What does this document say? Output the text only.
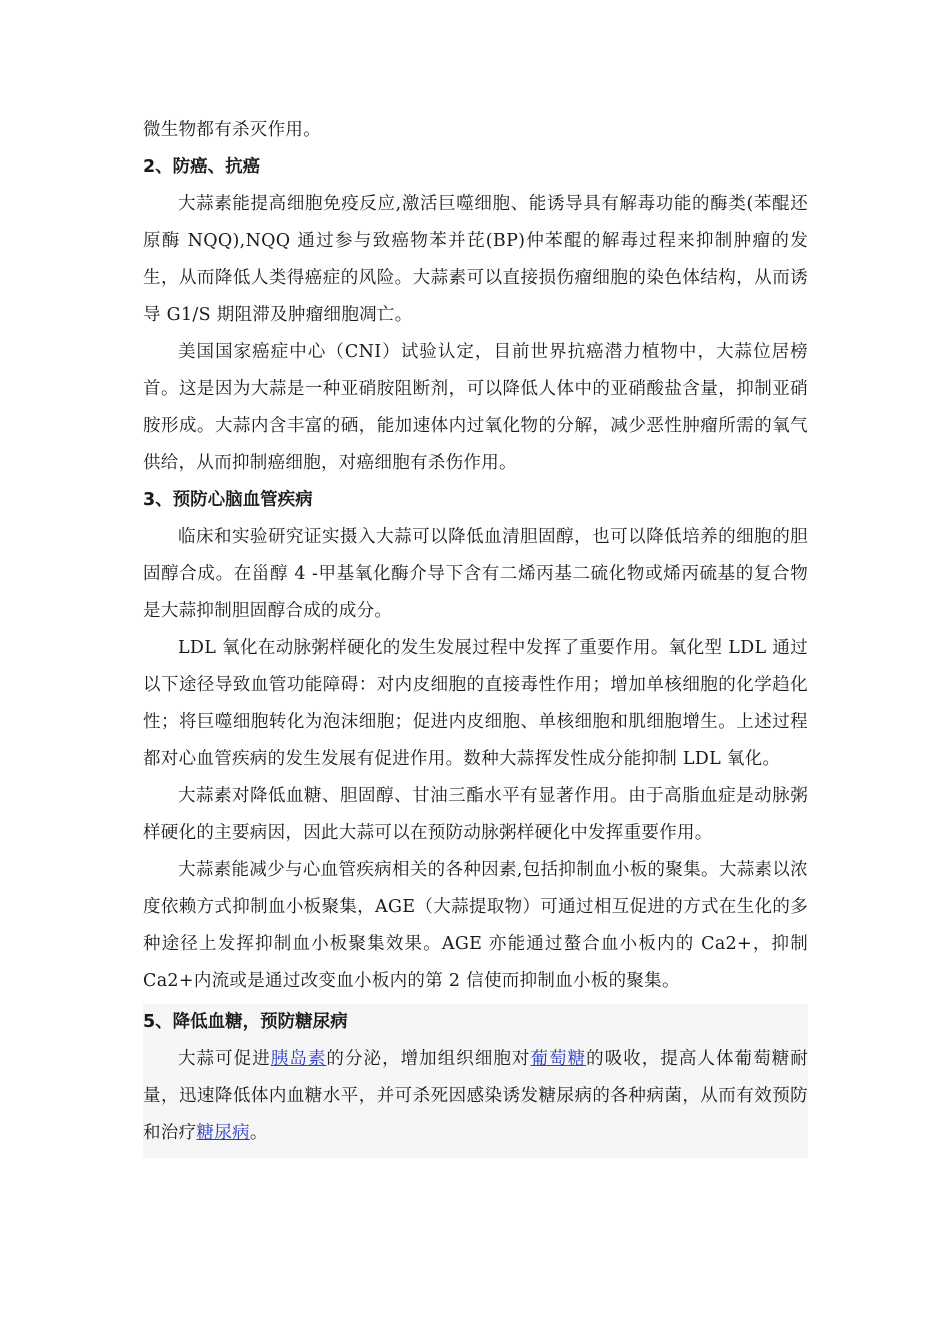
微生物都有杀灭作用。

2、防癌、抗癌

大蒜素能提高细胞免疫反应,激活巨噬细胞、能诱导具有解毒功能的酶类(苯醌还原酶 NQQ),NQQ 通过参与致癌物苯并芘(BP)仲苯醌的解毒过程来抑制肿瘤的发生，从而降低人类得癌症的风险。大蒜素可以直接损伤瘤细胞的染色体结构，从而诱导 G1/S 期阻滞及肿瘤细胞凋亡。

美国国家癌症中心（CNI）试验认定，目前世界抗癌潜力植物中，大蒜位居榜首。这是因为大蒜是一种亚硝胺阻断剂，可以降低人体中的亚硝酸盐含量，抑制亚硝胺形成。大蒜内含丰富的硒，能加速体内过氧化物的分解，减少恶性肿瘤所需的氧气供给，从而抑制癌细胞，对癌细胞有杀伤作用。

3、预防心脑血管疾病

临床和实验研究证实摄入大蒜可以降低血清胆固醇，也可以降低培养的细胞的胆固醇合成。在甾醇 4 -甲基氧化酶介导下含有二烯丙基二硫化物或烯丙硫基的复合物是大蒜抑制胆固醇合成的成分。

LDL 氧化在动脉粥样硬化的发生发展过程中发挥了重要作用。氧化型 LDL 通过以下途径导致血管功能障碍：对内皮细胞的直接毒性作用；增加单核细胞的化学趋化性；将巨噬细胞转化为泡沫细胞；促进内皮细胞、单核细胞和肌细胞增生。上述过程都对心血管疾病的发生发展有促进作用。数种大蒜挥发性成分能抑制 LDL 氧化。

大蒜素对降低血糖、胆固醇、甘油三酯水平有显著作用。由于高脂血症是动脉粥样硬化的主要病因，因此大蒜可以在预防动脉粥样硬化中发挥重要作用。

大蒜素能减少与心血管疾病相关的各种因素,包括抑制血小板的聚集。大蒜素以浓度依赖方式抑制血小板聚集，AGE（大蒜提取物）可通过相互促进的方式在生化的多种途径上发挥抑制血小板聚集效果。AGE 亦能通过螯合血小板内的 Ca2+，抑制 Ca2+内流或是通过改变血小板内的第 2 信使而抑制血小板的聚集。

5、降低血糖，预防糖尿病

大蒜可促进胰岛素的分泌，增加组织细胞对葡萄糖的吸收，提高人体葡萄糖耐量，迅速降低体内血糖水平，并可杀死因感染诱发糖尿病的各种病菌，从而有效预防和治疗糖尿病。
